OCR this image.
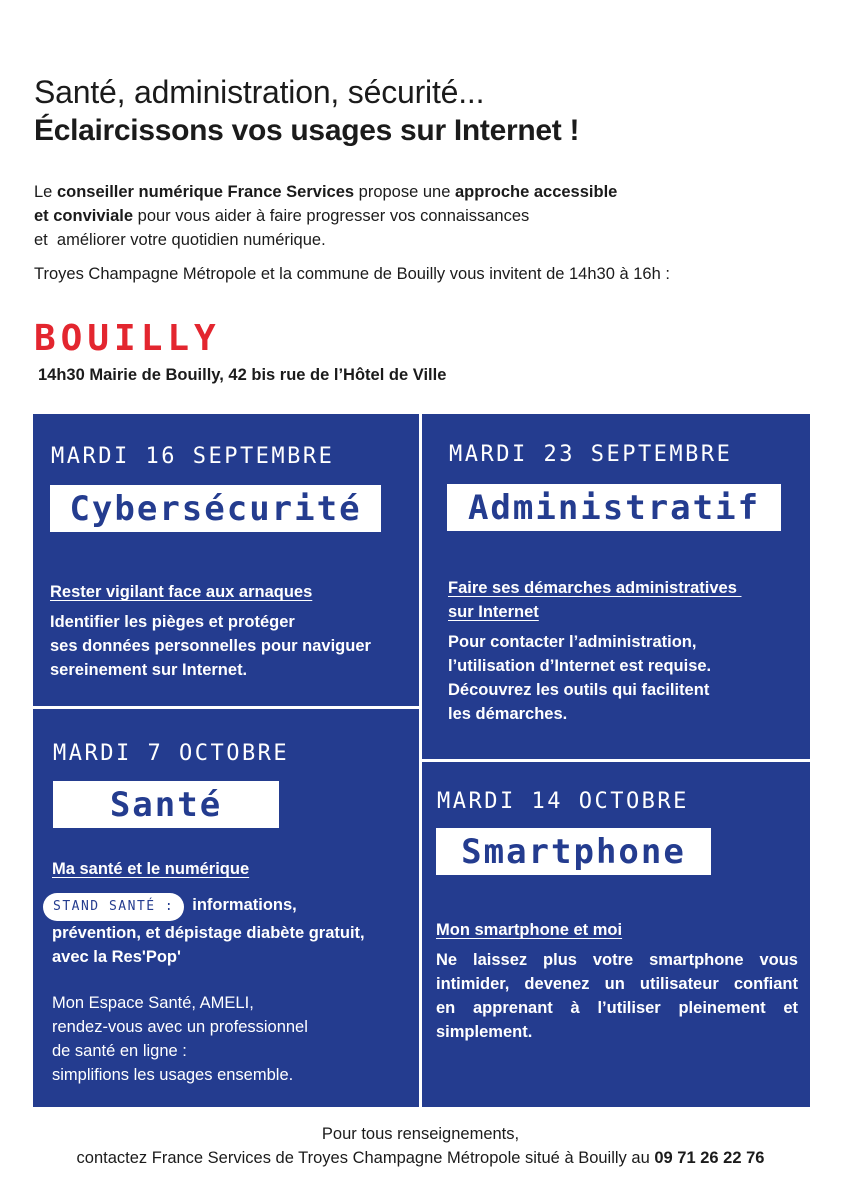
Santé, administration, sécurité...
Éclaircissons vos usages sur Internet !

Le conseiller numérique France Services propose une approche accessible

et conviviale pour vous aider à faire progresser vos connaissances

et  améliorer votre quotidien numérique.

Troyes Champagne Métropole et la commune de Bouilly vous invitent de 14h30 à 16h :
BOUILLY
14h30 Mairie de Bouilly, 42 bis rue de l’Hôtel de Ville
MARDI 16 SEPTEMBRE
Cybersécurité
Rester vigilant face aux arnaques

Identifier les pièges et protéger

ses données personnelles pour naviguer

sereinement sur Internet.

MARDI 23 SEPTEMBRE
Administratif
Faire ses démarches administratives
sur Internet

Pour contacter l’administration,

l’utilisation d’Internet est requise.

Découvrez les outils qui facilitent

les démarches.

MARDI 7 OCTOBRE
Santé
Ma santé et le numérique

STAND SANTÉ : informations,

prévention, et dépistage diabète gratuit,

avec la Res'Pop'

Mon Espace Santé, AMELI,

rendez-vous avec un professionnel

de santé en ligne :

simplifions les usages ensemble.

MARDI 14 OCTOBRE
Smartphone
Mon smartphone et moi

Ne laissez plus votre smartphone vous

intimider, devenez un utilisateur confiant

en apprenant à l’utiliser pleinement et

simplement.

Pour tous renseignements,

contactez France Services de Troyes Champagne Métropole situé à Bouilly au 09 71 26 22 76
